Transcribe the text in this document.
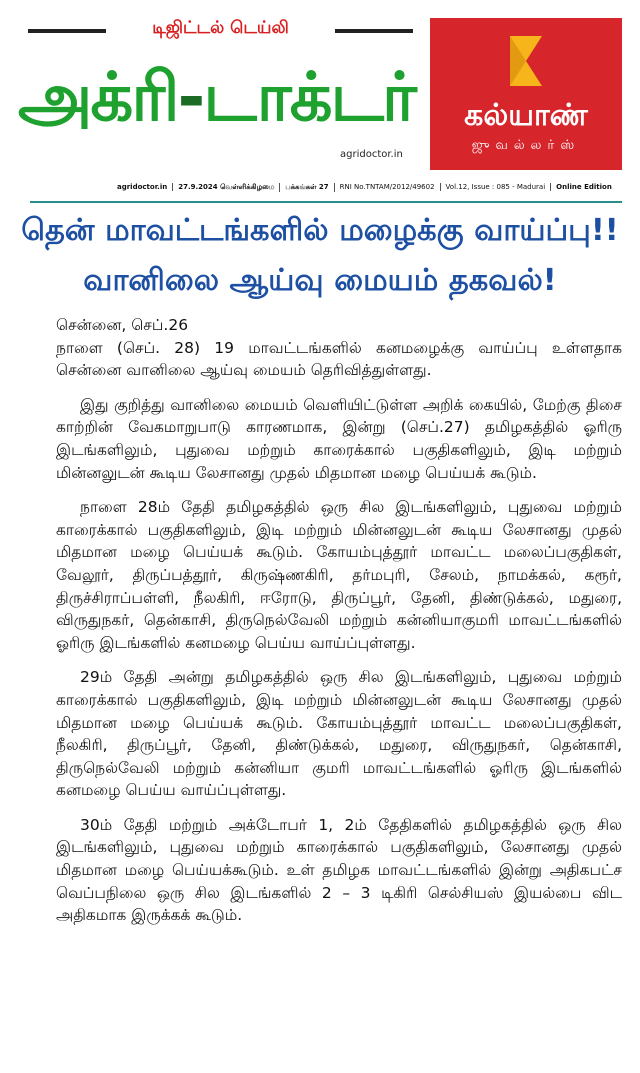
டிஜிட்டல் டெய்லி
அக்ரி-டாக்டர்
agridoctor.in
கல்யாண்
ஜுவல்லர்ஸ்
agridoctor.in	27.9.2024 வெள்ளிக்கிழமை	பக்கங்கள் 27	RNI No.TNTAM/2012/49602	Vol.12, Issue : 085 - Madurai	Online Edition
தென் மாவட்டங்களில் மழைக்கு வாய்ப்பு!!
வானிலை ஆய்வு மையம் தகவல்!

சென்னை, செப்.26

நாளை (செப். 28) 19 மாவட்டங்களில் கனமழைக்கு வாய்ப்பு உள்ளதாக சென்னை வானிலை ஆய்வு மையம் தெரிவித்துள்ளது.

இது குறித்து வானிலை மையம் வெளியிட்டுள்ள அறிக் கையில், மேற்கு திசை காற்றின் வேகமாறுபாடு காரணமாக, இன்று (செப்.27) தமிழகத்தில் ஓரிரு இடங்களிலும், புதுவை மற்றும் காரைக்கால் பகுதிகளிலும், இடி மற்றும் மின்னலுடன் கூடிய லேசானது முதல் மிதமான மழை பெய்யக் கூடும்.

நாளை 28ம் தேதி தமிழகத்தில் ஒரு சில இடங்களிலும், புதுவை மற்றும் காரைக்கால் பகுதிகளிலும், இடி மற்றும் மின்னலுடன் கூடிய லேசானது முதல் மிதமான மழை பெய்யக் கூடும். கோயம்புத்தூர் மாவட்ட மலைப்பகுதிகள், வேலூர், திருப்பத்தூர், கிருஷ்ணகிரி, தர்மபுரி, சேலம், நாமக்கல், கரூர், திருச்சிராப்பள்ளி, நீலகிரி, ஈரோடு, திருப்பூர், தேனி, திண்டுக்கல், மதுரை, விருதுநகர், தென்காசி, திருநெல்வேலி மற்றும் கன்னியாகுமரி மாவட்டங்களில் ஓரிரு இடங்களில் கனமழை பெய்ய வாய்ப்புள்ளது.

29ம் தேதி அன்று தமிழகத்தில் ஒரு சில இடங்களிலும், புதுவை மற்றும் காரைக்கால் பகுதிகளிலும், இடி மற்றும் மின்னலுடன் கூடிய லேசானது முதல் மிதமான மழை பெய்யக் கூடும். கோயம்புத்தூர் மாவட்ட மலைப்பகுதிகள், நீலகிரி, திருப்பூர், தேனி, திண்டுக்கல், மதுரை, விருதுநகர், தென்காசி, திருநெல்வேலி மற்றும் கன்னியா குமரி மாவட்டங்களில் ஓரிரு இடங்களில் கனமழை பெய்ய வாய்ப்புள்ளது.

30ம் தேதி மற்றும் அக்டோபர் 1, 2ம் தேதிகளில் தமிழகத்தில் ஒரு சில இடங்களிலும், புதுவை மற்றும் காரைக்கால் பகுதிகளிலும், லேசானது முதல் மிதமான மழை பெய்யக்கூடும். உள் தமிழக மாவட்டங்களில் இன்று அதிகபட்ச வெப்பநிலை ஒரு சில இடங்களில் 2 – 3 டிகிரி செல்சியஸ் இயல்பை விட அதிகமாக இருக்கக் கூடும்.
